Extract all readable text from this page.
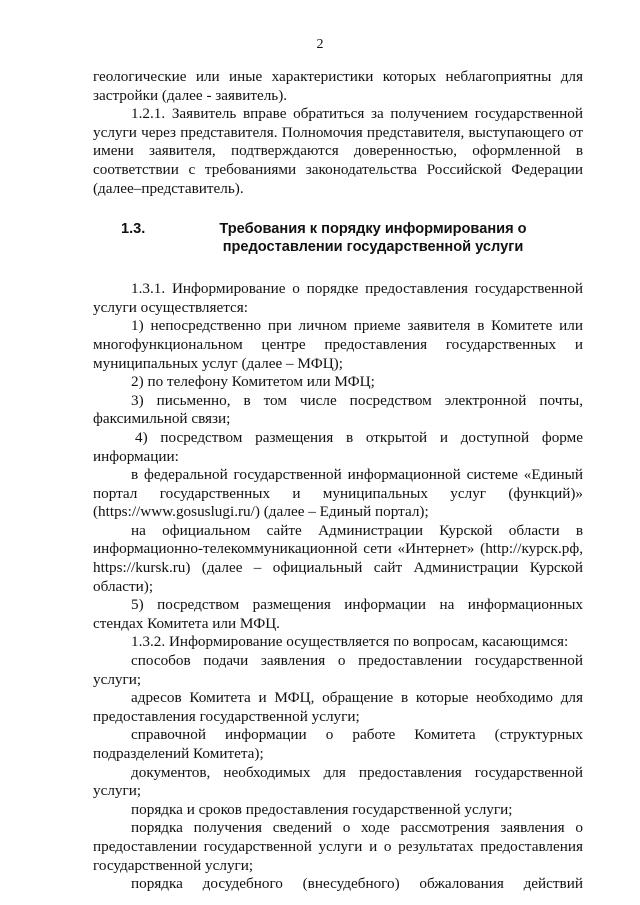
2

геологические или иные характеристики которых неблагоприятны для застройки (далее - заявитель).

1.2.1. Заявитель вправе обратиться за получением государственной услуги через представителя. Полномочия представителя, выступающего от имени заявителя, подтверждаются доверенностью, оформленной в соответствии с требованиями законодательства Российской Федерации (далее–представитель).

1.3.	Требования к порядку информирования о предоставлении государственной услуги

1.3.1. Информирование о порядке предоставления государственной услуги осуществляется:

1) непосредственно при личном приеме заявителя в Комитете или многофункциональном центре предоставления государственных и муниципальных услуг (далее – МФЦ);

2) по телефону Комитетом или МФЦ;

3) письменно, в том числе посредством электронной почты, факсимильной связи;

4) посредством размещения в открытой и доступной форме информации:

в федеральной государственной информационной системе «Единый портал государственных и муниципальных услуг (функций)» (https://www.gosuslugi.ru/) (далее – Единый портал);

на официальном сайте Администрации Курской области в информационно-телекоммуникационной сети «Интернет» (http://курск.рф, https://kursk.ru) (далее – официальный сайт Администрации Курской области);

5) посредством размещения информации на информационных стендах Комитета или МФЦ.

1.3.2. Информирование осуществляется по вопросам, касающимся:

способов подачи заявления о предоставлении государственной услуги;

адресов Комитета и МФЦ, обращение в которые необходимо для предоставления государственной услуги;

справочной информации о работе Комитета (структурных подразделений Комитета);

документов, необходимых для предоставления государственной услуги;

порядка и сроков предоставления государственной услуги;

порядка получения сведений о ходе рассмотрения заявления о предоставлении государственной услуги и о результатах предоставления государственной услуги;

порядка досудебного (внесудебного) обжалования действий
